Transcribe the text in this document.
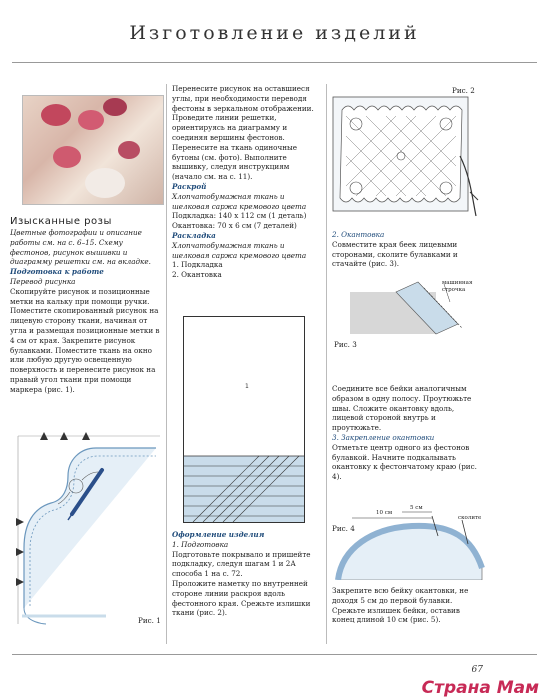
Изготовление изделий
Изысканные розы
Цветные фотографии и описание работы см. на с. 6–15. Схему фестонов, рисунок вышивки и диаграмму решетки см. на вкладке.
Подготовка к работе
Перевод рисунка
Скопируйте рисунок и позиционные метки на кальку при помощи ручки.
Поместите скопированный рисунок на лицевую сторону ткани, начиная от угла и размещая позиционные метки в 4 см от края. Закрепите рисунок булавками. Поместите ткань на окно или любую другую освещенную поверхность и перенесите рисунок на правый угол ткани при помощи маркера (рис. 1).
Рис. 1
Перенесите рисунок на оставшиеся углы, при необходимости переводя фестоны в зеркальном отображении.
Проведите линии решетки, ориентируясь на диаграмму и соединяя вершины фестонов. Перенесите на ткань одиночные бутоны (см. фото). Выполните вышивку, следуя инструкциям (начало см. на с. 11).
Раскрой
Хлопчатобумажная ткань и шелковая саржа кремового цвета
Подкладка: 140 x 112 см (1 деталь)
Окантовка: 70 x 6 см (7 деталей)
Раскладка
Хлопчатобумажная ткань и шелковая саржа кремового цвета
1. Подкладка
2. Окантовка
1
Оформление изделия
1. Подготовка
Подготовьте покрывало и пришейте подкладку, следуя шагам 1 и 2А способа 1 на с. 72.
Проложите наметку по внутренней стороне линии раскроя вдоль фестонного края. Срежьте излишки ткани (рис. 2).
Рис. 2
2. Окантовка
Совместите края беек лицевыми сторонами, сколите булавками и стачайте (рис. 3).
машинная строчка
Рис. 3
Соедините все бейки аналогичным образом в одну полосу. Проутюжьте швы. Сложите окантовку вдоль, лицевой стороной внутрь и проутюжьте.
3. Закрепление окантовки
Отметьте центр одного из фестонов булавкой. Начните подкалывать окантовку к фестончатому краю (рис. 4).
Рис. 4
10 см
5 см
сколите
Закрепите всю бейку окантовки, не доходя 5 см до первой булавки. Срежьте излишек бейки, оставив конец длиной 10 см (рис. 5).
67
Страна Мам
